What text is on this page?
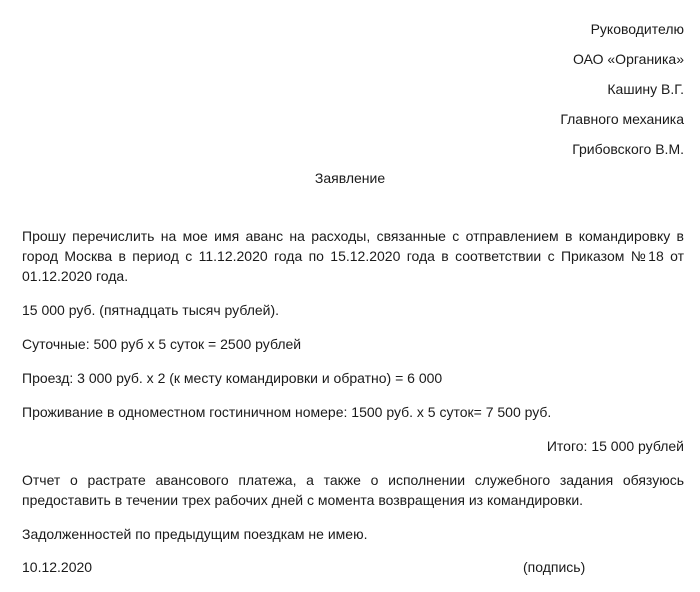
Руководителю
ОАО «Органика»
Кашину В.Г.
Главного механика
Грибовского В.М.
Заявление

Прошу перечислить на мое имя аванс на расходы, связанные с отправлением в командировку в город Москва в период с 11.12.2020 года по 15.12.2020 года в соответствии с Приказом №18 от 01.12.2020 года.

15 000 руб. (пятнадцать тысяч рублей).

Суточные: 500 руб х 5 суток = 2500 рублей

Проезд: 3 000 руб. х 2 (к месту командировки и обратно) = 6 000

Проживание в одноместном гостиничном номере: 1500 руб. х 5 суток= 7 500 руб.

Итого: 15 000 рублей

Отчет о растрате авансового платежа, а также о исполнении служебного задания обязуюсь предоставить в течении трех рабочих дней с момента возвращения из командировки.

Задолженностей по предыдущим поездкам не имею.

10.12.2020	(подпись)
